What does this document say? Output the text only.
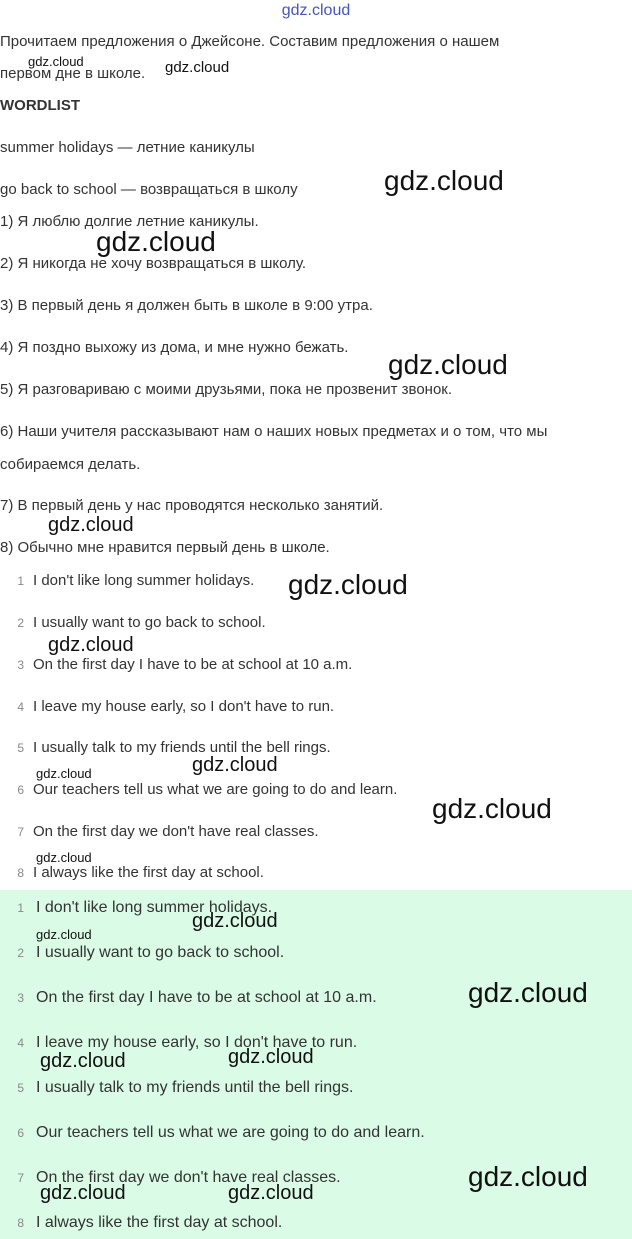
gdz.cloud

Прочитаем предложения о Джейсоне. Составим предложения о нашем

первом дне в школе.

WORDLIST

summer holidays — летние каникулы

go back to school — возвращаться в школу

1) Я люблю долгие летние каникулы.

2) Я никогда не хочу возвращаться в школу.

3) В первый день я должен быть в школе в 9:00 утра.

4) Я поздно выхожу из дома, и мне нужно бежать.

5) Я разговариваю с моими друзьями, пока не прозвенит звонок.

6) Наши учителя рассказывают нам о наших новых предметах и о том, что мы

собираемся делать.

7) В первый день у нас проводятся несколько занятий.

8) Обычно мне нравится первый день в школе.

1 I don't like long summer holidays.
2 I usually want to go back to school.
3 On the first day I have to be at school at 10 a.m.
4 I leave my house early, so I don't have to run.
5 I usually talk to my friends until the bell rings.
6 Our teachers tell us what we are going to do and learn.
7 On the first day we don't have real classes.
8 I always like the first day at school.
1 I don't like long summer holidays.
2 I usually want to go back to school.
3 On the first day I have to be at school at 10 a.m.
4 I leave my house early, so I don't have to run.
5 I usually talk to my friends until the bell rings.
6 Our teachers tell us what we are going to do and learn.
7 On the first day we don't have real classes.
8 I always like the first day at school.
gdz.cloud	gdz.cloud
gdz.cloud
gdz.cloud
gdz.cloud
gdz.cloud
gdz.cloud
gdz.cloud
gdz.cloud	gdz.cloud
gdz.cloud
gdz.cloud
gdz.cloud
gdz.cloud
gdz.cloud
gdz.cloud
gdz.cloud
gdz.cloud
gdz.cloud	gdz.cloud
